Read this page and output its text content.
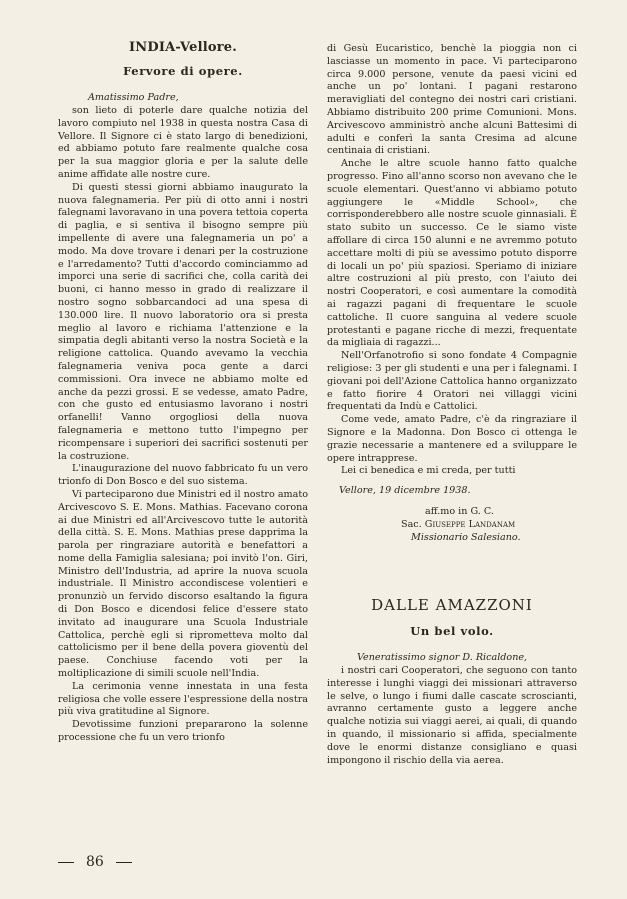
INDIA-Vellore.
Fervore di opere.
Amatissimo Padre,

son lieto di poterle dare qualche notizia del lavoro compiuto nel 1938 in questa nostra Casa di Vellore. Il Signore ci è stato largo di benedizioni, ed abbiamo potuto fare realmente qualche cosa per la sua maggior gloria e per la salute delle anime affidate alle nostre cure.

Di questi stessi giorni abbiamo inaugurato la nuova falegnameria. Per più di otto anni i nostri falegnami lavoravano in una povera tettoia coperta di paglia, e si sentiva il bisogno sempre più impellente di avere una falegnameria un po' a modo. Ma dove trovare i denari per la costruzione e l'arredamento? Tutti d'accordo cominciammo ad imporci una serie di sacrifici che, colla carità dei buoni, ci hanno messo in grado di realizzare il nostro sogno sobbarcandoci ad una spesa di 130.000 lire. Il nuovo laboratorio ora si presta meglio al lavoro e richiama l'attenzione e la simpatia degli abitanti verso la nostra Società e la religione cattolica. Quando avevamo la vecchia falegnameria veniva poca gente a darci commissioni. Ora invece ne abbiamo molte ed anche da pezzi grossi. E se vedesse, amato Padre, con che gusto ed entusiasmo lavorano i nostri orfanelli! Vanno orgogliosi della nuova falegnameria e mettono tutto l'impegno per ricompensare i superiori dei sacrifici sostenuti per la costruzione.

L'inaugurazione del nuovo fabbricato fu un vero trionfo di Don Bosco e del suo sistema.

Vi parteciparono due Ministri ed il nostro amato Arcivescovo S. E. Mons. Mathias. Facevano corona ai due Ministri ed all'Arcivescovo tutte le autorità della città. S. E. Mons. Mathias prese dapprima la parola per ringraziare autorità e benefattori a nome della Famiglia salesiana; poi invitò l'on. Giri, Ministro dell'Industria, ad aprire la nuova scuola industriale. Il Ministro accondiscese volentieri e pronunziò un fervido discorso esaltando la figura di Don Bosco e dicendosi felice d'essere stato invitato ad inaugurare una Scuola Industriale Cattolica, perchè egli si riprometteva molto dal cattolicismo per il bene della povera gioventù del paese. Conchiuse facendo voti per la moltiplicazione di simili scuole nell'India.

La cerimonia venne innestata in una festa religiosa che volle essere l'espressione della nostra più viva gratitudine al Signore.

Devotissime funzioni prepararono la solenne processione che fu un vero trionfo

di Gesù Eucaristico, benchè la pioggia non ci lasciasse un momento in pace. Vi parteciparono circa 9.000 persone, venute da paesi vicini ed anche un po' lontani. I pagani restarono meravigliati del contegno dei nostri cari cristiani. Abbiamo distribuito 200 prime Comunioni. Mons. Arcivescovo amministrò anche alcuni Battesimi di adulti e conferì la santa Cresima ad alcune centinaia di cristiani.

Anche le altre scuole hanno fatto qualche progresso. Fino all'anno scorso non avevano che le scuole elementari. Quest'anno vi abbiamo potuto aggiungere le «Middle School», che corrisponderebbero alle nostre scuole ginnasiali. È stato subito un successo. Ce le siamo viste affollare di circa 150 alunni e ne avremmo potuto accettare molti di più se avessimo potuto disporre di locali un po' più spaziosi. Speriamo di iniziare altre costruzioni al più presto, con l'aiuto dei nostri Cooperatori, e così aumentare la comodità ai ragazzi pagani di frequentare le scuole cattoliche. Il cuore sanguina al vedere scuole protestanti e pagane ricche di mezzi, frequentate da migliaia di ragazzi...

Nell'Orfanotrofio si sono fondate 4 Compagnie religiose: 3 per gli studenti e una per i falegnami. I giovani poi dell'Azione Cattolica hanno organizzato e fatto fiorire 4 Oratori nei villaggi vicini frequentati da Indù e Cattolici.

Come vede, amato Padre, c'è da ringraziare il Signore e la Madonna. Don Bosco ci ottenga le grazie necessarie a mantenere ed a sviluppare le opere intrapprese.

Lei ci benedica e mi creda, per tutti

Vellore, 19 dicembre 1938.
aff.mo in G. C.
Sac. Giuseppe Landanam
Missionario Salesiano.
DALLE AMAZZONI
Un bel volo.
Veneratissimo signor D. Ricaldone,

i nostri cari Cooperatori, che seguono con tanto interesse i lunghi viaggi dei missionari attraverso le selve, o lungo i fiumi dalle cascate scroscianti, avranno certamente gusto a leggere anche qualche notizia sui viaggi aerei, ai quali, di quando in quando, il missionario si affida, specialmente dove le enormi distanze consigliano e quasi impongono il rischio della via aerea.

86
